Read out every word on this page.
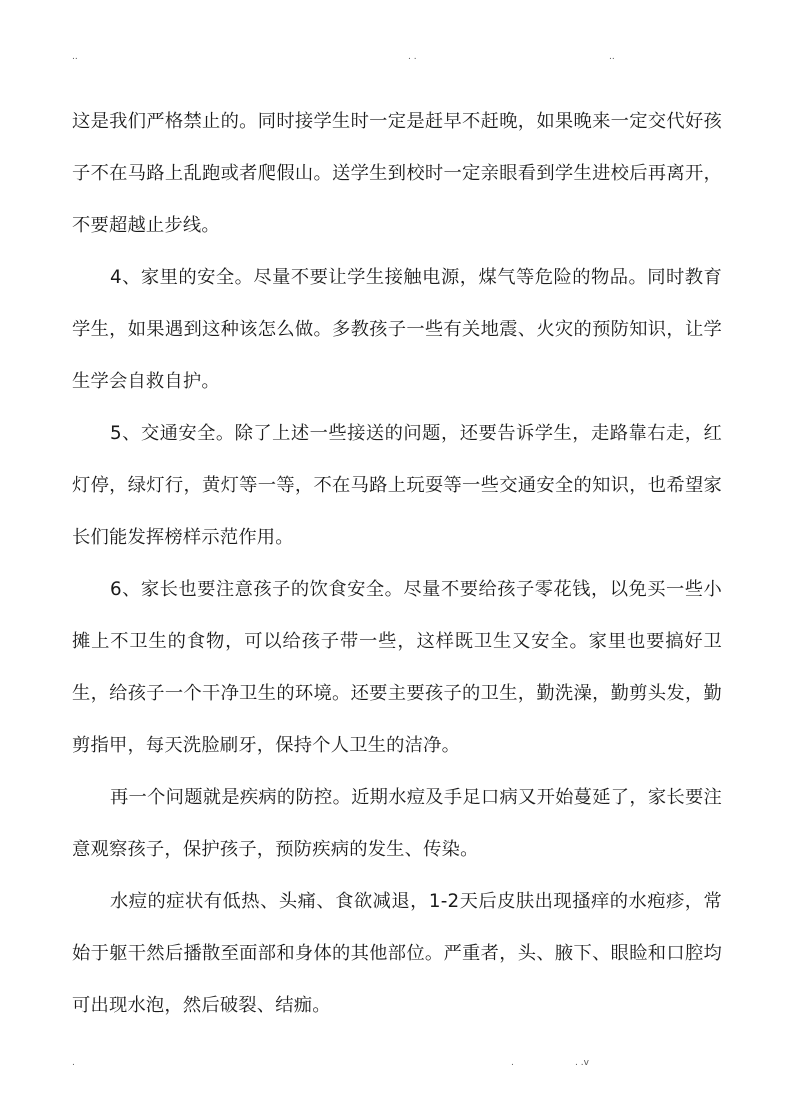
..	. .	..

这是我们严格禁止的。同时接学生时一定是赶早不赶晚，如果晚来一定交代好孩子不在马路上乱跑或者爬假山。送学生到校时一定亲眼看到学生进校后再离开，不要超越止步线。

4、家里的安全。尽量不要让学生接触电源，煤气等危险的物品。同时教育学生，如果遇到这种该怎么做。多教孩子一些有关地震、火灾的预防知识，让学生学会自救自护。

5、交通安全。除了上述一些接送的问题，还要告诉学生，走路靠右走，红灯停，绿灯行，黄灯等一等，不在马路上玩耍等一些交通安全的知识，也希望家长们能发挥榜样示范作用。

6、家长也要注意孩子的饮食安全。尽量不要给孩子零花钱，以免买一些小摊上不卫生的食物，可以给孩子带一些，这样既卫生又安全。家里也要搞好卫生，给孩子一个干净卫生的环境。还要主要孩子的卫生，勤洗澡，勤剪头发，勤剪指甲，每天洗脸刷牙，保持个人卫生的洁净。

再一个问题就是疾病的防控。近期水痘及手足口病又开始蔓延了，家长要注意观察孩子，保护孩子，预防疾病的发生、传染。

水痘的症状有低热、头痛、食欲减退，1-2天后皮肤出现搔痒的水疱疹，常始于躯干然后播散至面部和身体的其他部位。严重者，头、腋下、眼睑和口腔均可出现水泡，然后破裂、结痂。

.	.	. .v
